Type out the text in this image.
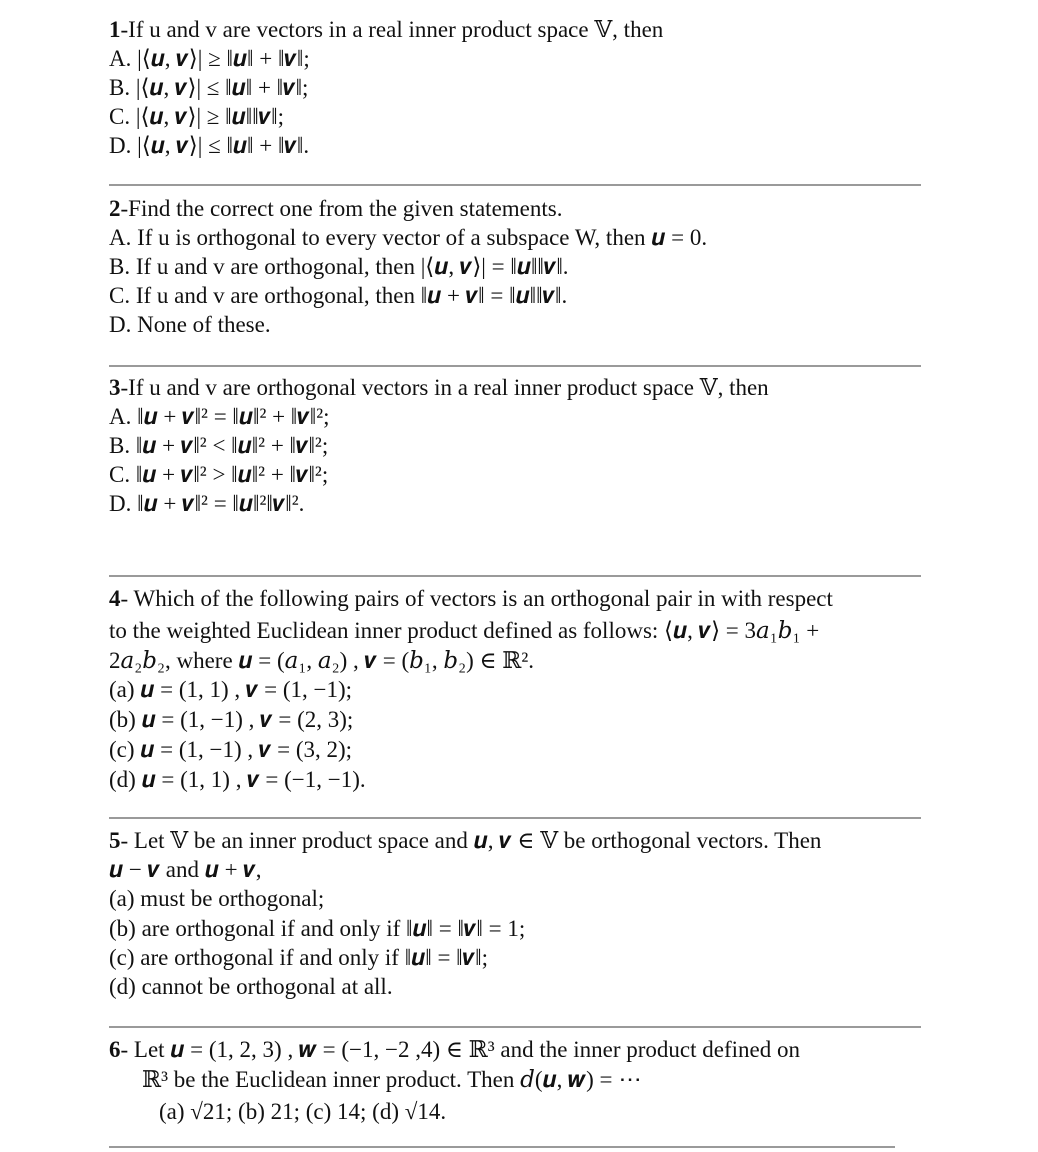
1-If u and v are vectors in a real inner product space 𝕍, then
A. |⟨𝒖, 𝒗⟩| ≥ ‖𝒖‖ + ‖𝒗‖;
B. |⟨𝒖, 𝒗⟩| ≤ ‖𝒖‖ + ‖𝒗‖;
C. |⟨𝒖, 𝒗⟩| ≥ ‖𝒖‖‖𝒗‖;
D. |⟨𝒖, 𝒗⟩| ≤ ‖𝒖‖ + ‖𝒗‖.
2-Find the correct one from the given statements.
A. If u is orthogonal to every vector of a subspace W, then 𝒖 = 0.
B. If u and v are orthogonal, then |⟨𝒖, 𝒗⟩| = ‖𝒖‖‖𝒗‖.
C. If u and v are orthogonal, then ‖𝒖 + 𝒗‖ = ‖𝒖‖‖𝒗‖.
D. None of these.
3-If u and v are orthogonal vectors in a real inner product space 𝕍, then
A. ‖𝒖 + 𝒗‖² = ‖𝒖‖² + ‖𝒗‖²;
B. ‖𝒖 + 𝒗‖² < ‖𝒖‖² + ‖𝒗‖²;
C. ‖𝒖 + 𝒗‖² > ‖𝒖‖² + ‖𝒗‖²;
D. ‖𝒖 + 𝒗‖² = ‖𝒖‖²‖𝒗‖².
4- Which of the following pairs of vectors is an orthogonal pair in with respect
to the weighted Euclidean inner product defined as follows: ⟨𝒖, 𝒗⟩ = 3𝑎₁𝑏₁ +
2𝑎₂𝑏₂, where 𝒖 = (𝑎₁, 𝑎₂) , 𝒗 = (𝑏₁, 𝑏₂) ∈ ℝ².
(a) 𝒖 = (1, 1) , 𝒗 = (1, −1);
(b) 𝒖 = (1, −1) , 𝒗 = (2, 3);
(c) 𝒖 = (1, −1) , 𝒗 = (3, 2);
(d) 𝒖 = (1, 1) , 𝒗 = (−1, −1).
5- Let 𝕍 be an inner product space and 𝒖, 𝒗 ∈ 𝕍 be orthogonal vectors. Then
𝒖 − 𝒗 and 𝒖 + 𝒗,
(a) must be orthogonal;
(b) are orthogonal if and only if ‖𝒖‖ = ‖𝒗‖ = 1;
(c) are orthogonal if and only if ‖𝒖‖ = ‖𝒗‖;
(d) cannot be orthogonal at all.
6- Let 𝒖 = (1, 2, 3) , 𝒘 = (−1, −2 ,4) ∈ ℝ³ and the inner product defined on
ℝ³ be the Euclidean inner product. Then 𝑑(𝒖, 𝒘) = ⋯
(a) √21; (b) 21; (c) 14; (d) √14.
